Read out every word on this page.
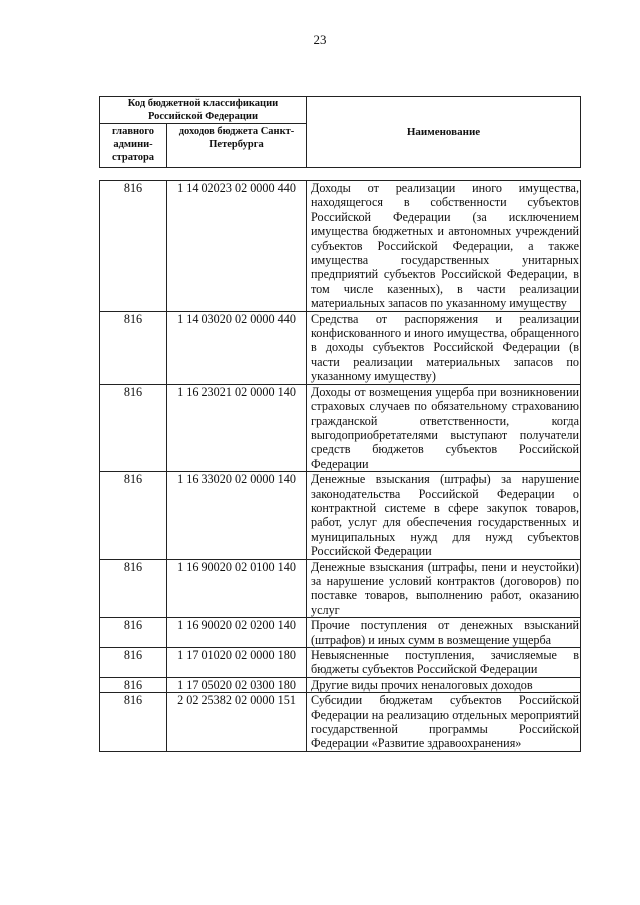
23
Код бюджетной классификации Российской Федерации		Наименование
главного админи- стратора	доходов бюджета Санкт-Петербурга	
816	1 14 02023 02 0000 440	Доходы от реализации иного имущества, находящегося в собственности субъектов Российской Федерации (за исключением имущества бюджетных и автономных учреждений субъектов Российской Федерации, а также имущества государственных унитарных предприятий субъектов Российской Федерации, в том числе казенных), в части реализации материальных запасов по указанному имуществу
816	1 14 03020 02 0000 440	Средства от распоряжения и реализации конфискованного и иного имущества, обращенного в доходы субъектов Российской Федерации (в части реализации материальных запасов по указанному имуществу)
816	1 16 23021 02 0000 140	Доходы от возмещения ущерба при возникновении страховых случаев по обязательному страхованию гражданской ответственности, когда выгодоприобретателями выступают получатели средств бюджетов субъектов Российской Федерации
816	1 16 33020 02 0000 140	Денежные взыскания (штрафы) за нарушение законодательства Российской Федерации о контрактной системе в сфере закупок товаров, работ, услуг для обеспечения государственных и муниципальных нужд для нужд субъектов Российской Федерации
816	1 16 90020 02 0100 140	Денежные взыскания (штрафы, пени и неустойки) за нарушение условий контрактов (договоров) по поставке товаров, выполнению работ, оказанию услуг
816	1 16 90020 02 0200 140	Прочие поступления от денежных взысканий (штрафов) и иных сумм в возмещение ущерба
816	1 17 01020 02 0000 180	Невыясненные поступления, зачисляемые в бюджеты субъектов Российской Федерации
816	1 17 05020 02 0300 180	Другие виды прочих неналоговых доходов
816	2 02 25382 02 0000 151	Субсидии бюджетам субъектов Российской Федерации на реализацию отдельных мероприятий государственной программы Российской Федерации «Развитие здравоохранения»
